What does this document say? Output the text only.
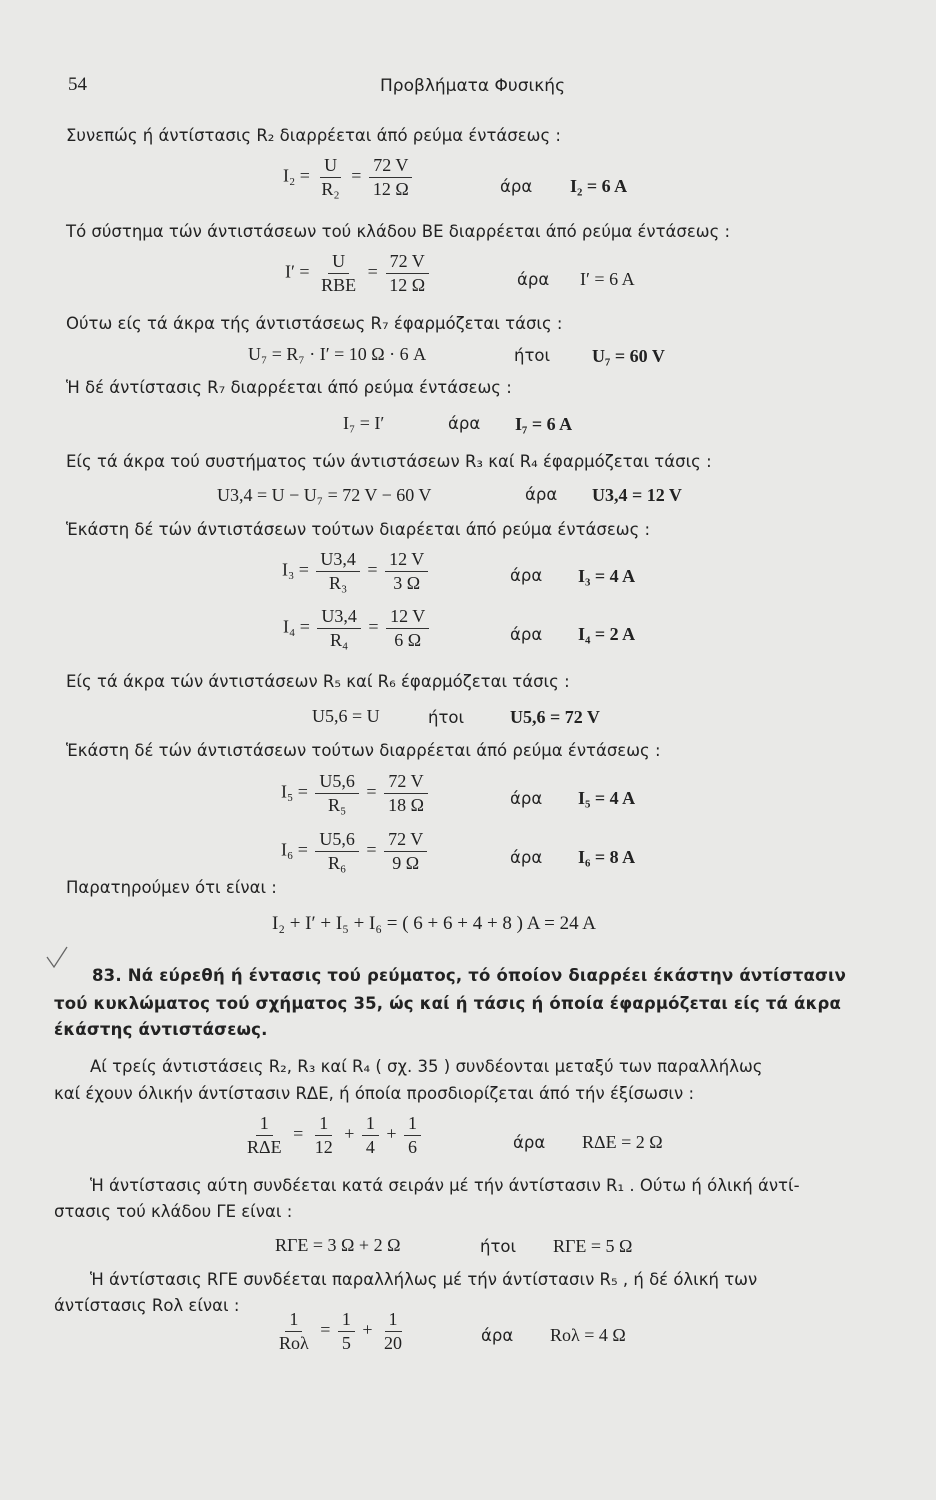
54	Προβλήματα Φυσικής
Συνεπώς ή άντίστασις R₂ διαρρέεται άπό ρεύμα έντάσεως :
$I_2 = \frac{U}{\text{R₂}} = \frac{72 V}{12 \Omega}$	άρα I₂ = 6 A
Τό σύστημα τών άντιστάσεων τού κλάδου ΒΕ διαρρέεται άπό ρεύμα έντάσεως :
$I' = \frac{U}{\text{RΒΕ}} = \frac{72 V}{12 \Omega}$	άρα I′ = 6 A
Ούτω είς τά άκρα τής άντιστάσεως R₇ έφαρμόζεται τάσις :
U₇ = R₇ · I′ = 10 Ω · 6 A	ήτοι U₇ = 60 V
Ἡ δέ άντίστασις R₇ διαρρέεται άπό ρεύμα έντάσεως :
I₇ = I′	άρα I₇ = 6 A
Είς τά άκρα τού συστήματος τών άντιστάσεων R₃ καί R₄ έφαρμόζεται τάσις :
U3,4 = U − U₇ = 72 V − 60 V	άρα U3,4 = 12 V
Ἑκάστη δέ τών άντιστάσεων τούτων διαρέεται άπό ρεύμα έντάσεως :
$I_3 = \frac{U3,4}{\text{R₃}} = \frac{12 V}{3 \Omega}$	άρα I₃ = 4 A
$I_4 = \frac{U3,4}{\text{R₄}} = \frac{12 V}{6 \Omega}$	άρα I₄ = 2 A
Είς τά άκρα τών άντιστάσεων R₅ καί R₆ έφαρμόζεται τάσις :
U5,6 = U	ήτοι	U5,6 = 72 V
Ἑκάστη δέ τών άντιστάσεων τούτων διαρρέεται άπό ρεύμα έντάσεως :
$I_5 = \frac{U5,6}{\text{R₅}} = \frac{72 V}{18 \Omega}$	άρα I₅ = 4 A
$I_6 = \frac{U5,6}{\text{R₆}} = \frac{72 V}{9 \Omega}$	άρα I₆ = 8 A
Παρατηρούμεν ότι είναι :
I₂ + I′ + I₅ + I₆ = ( 6 + 6 + 4 + 8 ) A = 24 A
83. Νά εύρεθή ή έντασις τού ρεύματος, τό όποίον διαρρέει έκάστην άντίστασιν
τού κυκλώματος τού σχήματος 35, ώς καί ή τάσις ή όποία έφαρμόζεται είς τά άκρα
έκάστης άντιστάσεως.
Αί τρείς άντιστάσεις R₂, R₃ καί R₄ ( σχ. 35 ) συνδέονται μεταξύ των παραλλήλως
καί έχουν όλικήν άντίστασιν RΔΕ, ή όποία προσδιορίζεται άπό τήν έξίσωσιν :
$\frac{1}{\text{RΔΕ}} = \frac{1}{12} + \frac{1}{4} + \frac{1}{6}$	άρα RΔΕ = 2 Ω
Ἡ άντίστασις αύτη συνδέεται κατά σειράν μέ τήν άντίστασιν R₁ . Ούτω ή όλική άντί-
στασις τού κλάδου ΓΕ είναι :
RΓΕ = 3 Ω + 2 Ω	ήτοι RΓΕ = 5 Ω
Ἡ άντίστασις RΓΕ συνδέεται παραλλήλως μέ τήν άντίστασιν R₅ , ή δέ όλική των
άντίστασις Rολ είναι :
$\frac{1}{\text{Rολ}} = \frac{1}{5} + \frac{1}{20}$	άρα Rολ = 4 Ω
